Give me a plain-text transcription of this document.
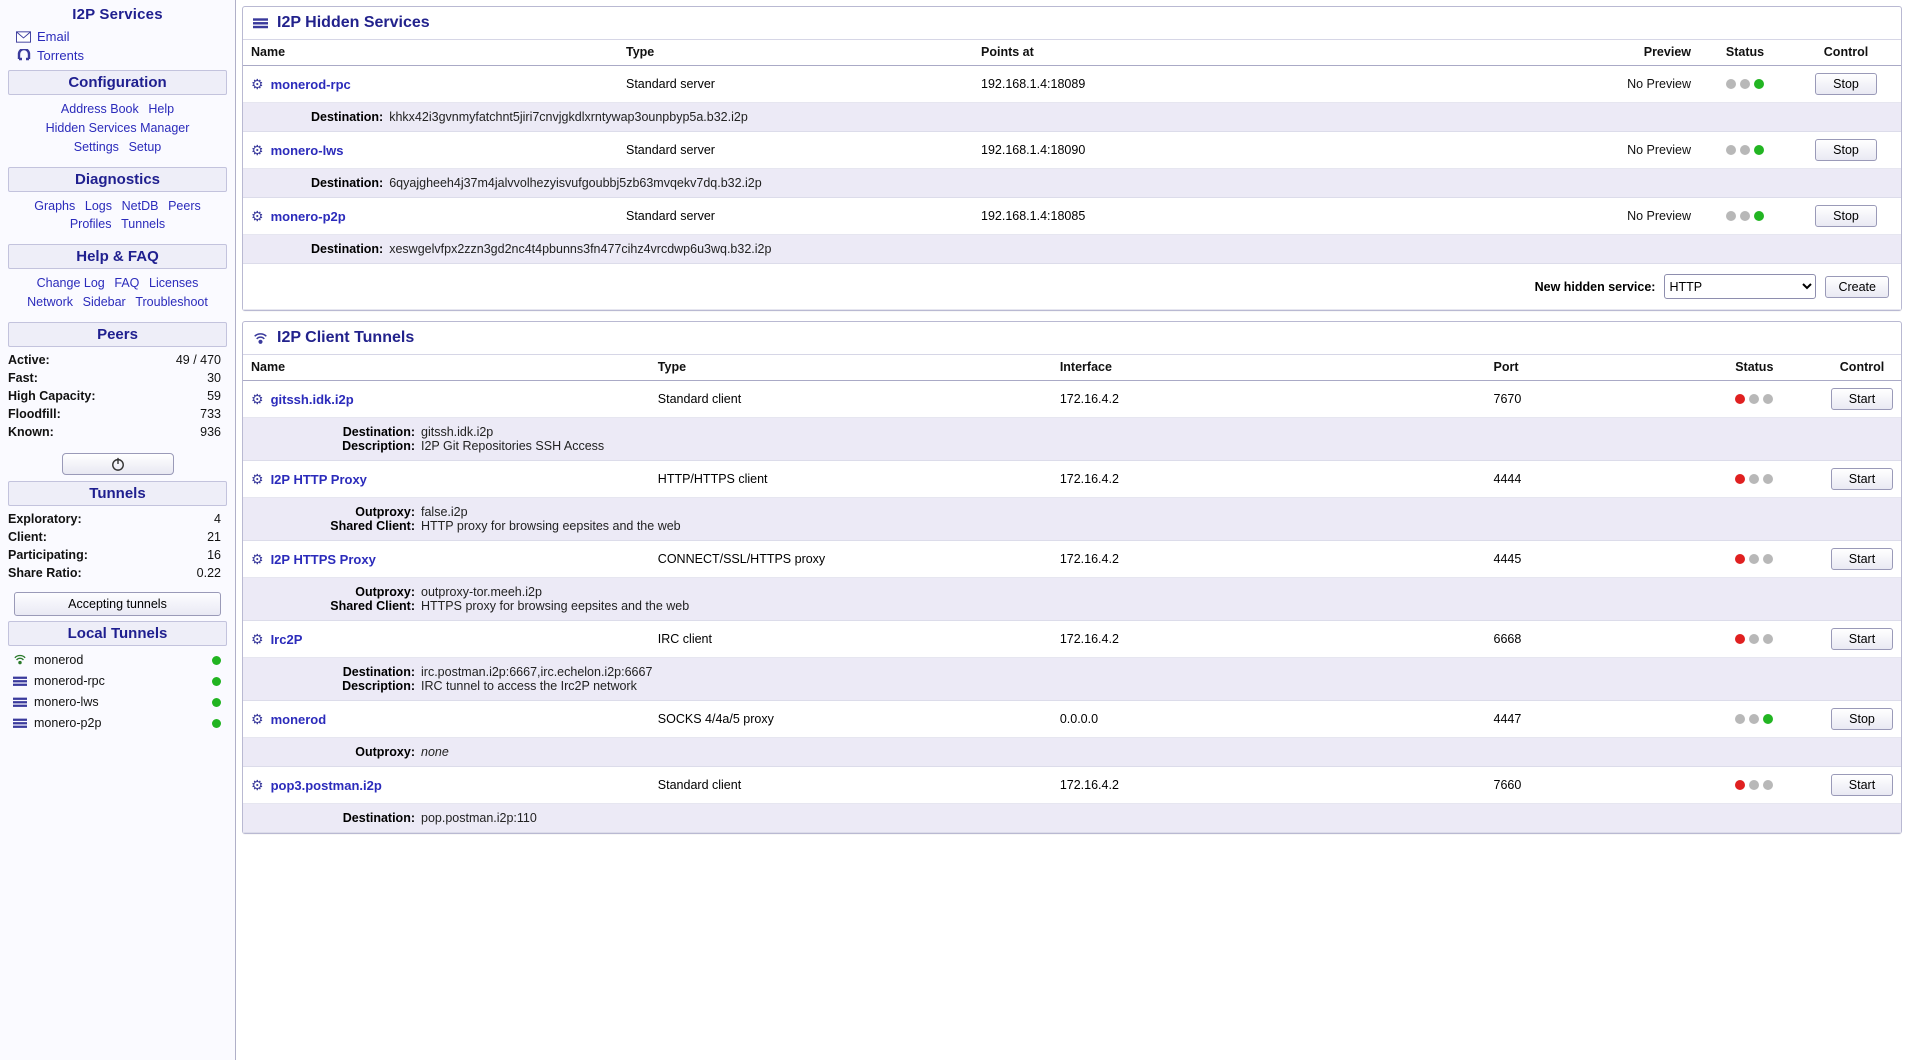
I2P Services
Email
Torrents
Configuration
Address Book Help
Hidden Services Manager
Settings Setup
Diagnostics
Graphs Logs NetDB Peers
Profiles Tunnels
Help & FAQ
Change Log FAQ Licenses
Network Sidebar Troubleshoot
Peers
Active:	49 / 470
Fast:	30
High Capacity:	59
Floodfill:	733
Known:	936
Tunnels
Exploratory:	4
Client:	21
Participating:	16
Share Ratio:	0.22
Accepting tunnels
Local Tunnels
monerod
monerod-rpc
monero-lws
monero-p2p
I2P Hidden Services
Name	Type	Points at	Preview	Status	Control

⚙ monerod-rpc	Standard server	192.168.1.4:18089	No Preview		Stop

Destination: khkx42i3gvnmyfatchnt5jiri7cnvjgkdlxrntywap3ounpbyp5a.b32.i2p					

⚙ monero-lws	Standard server	192.168.1.4:18090	No Preview		Stop

Destination: 6qyajgheeh4j37m4jalvvolhezyisvufgoubbj5zb63mvqekv7dq.b32.i2p					

⚙ monero-p2p	Standard server	192.168.1.4:18085	No Preview		Stop

Destination: xeswgelvfpx2zzn3gd2nc4t4pbunns3fn477cihz4vrcdwp6u3wq.b32.i2p					

New hidden service:
HTTP	Create
I2P Client Tunnels
Name	Type	Interface	Port	Status	Control

⚙ gitssh.idk.i2p	Standard client	172.16.4.2	7670		Start

Destination: gitssh.idk.i2p
Description: I2P Git Repositories SSH Access					

⚙ I2P HTTP Proxy	HTTP/HTTPS client	172.16.4.2	4444		Start

Outproxy: false.i2p
Shared Client: HTTP proxy for browsing eepsites and the web					

⚙ I2P HTTPS Proxy	CONNECT/SSL/HTTPS proxy	172.16.4.2	4445		Start

Outproxy: outproxy-tor.meeh.i2p
Shared Client: HTTPS proxy for browsing eepsites and the web					

⚙ Irc2P	IRC client	172.16.4.2	6668		Start

Destination: irc.postman.i2p:6667,irc.echelon.i2p:6667
Description: IRC tunnel to access the Irc2P network					

⚙ monerod	SOCKS 4/4a/5 proxy	0.0.0.0	4447		Stop

Outproxy: none					

⚙ pop3.postman.i2p	Standard client	172.16.4.2	7660		Start

Destination: pop.postman.i2p:110					
